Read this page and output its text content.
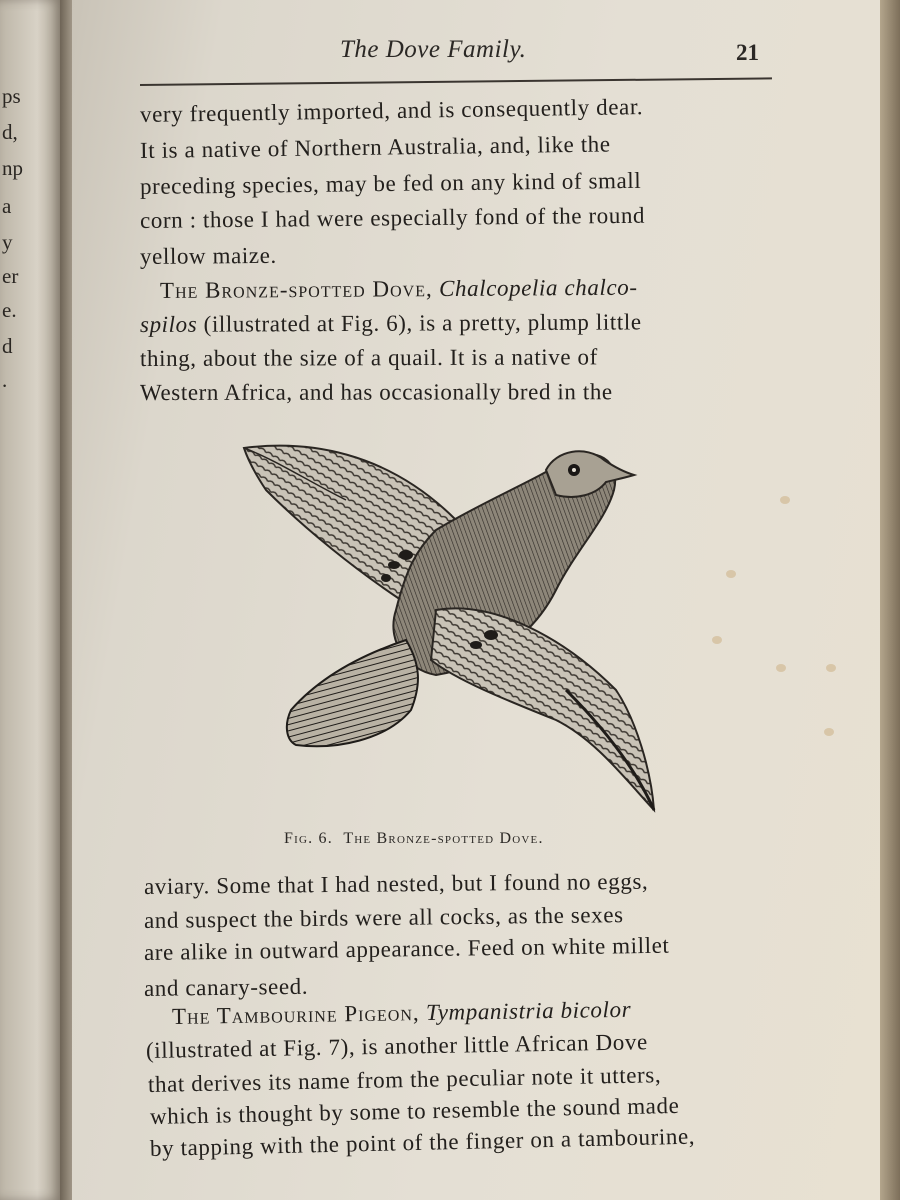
ps
d,
np
a
y
er
e.
d
.
The Dove Family.	21
very frequently imported, and is consequently dear.
It is a native of Northern Australia, and, like the
preceding species, may be fed on any kind of small
corn : those I had were especially fond of the round
yellow maize.
The Bronze-spotted Dove, Chalcopelia chalco-
spilos (illustrated at Fig. 6), is a pretty, plump little
thing, about the size of a quail. It is a native of
Western Africa, and has occasionally bred in the
Fig. 6. The Bronze-spotted Dove.
aviary. Some that I had nested, but I found no eggs,
and suspect the birds were all cocks, as the sexes
are alike in outward appearance. Feed on white millet
and canary-seed.
The Tambourine Pigeon, Tympanistria bicolor
(illustrated at Fig. 7), is another little African Dove
that derives its name from the peculiar note it utters,
which is thought by some to resemble the sound made
by tapping with the point of the finger on a tambourine,
